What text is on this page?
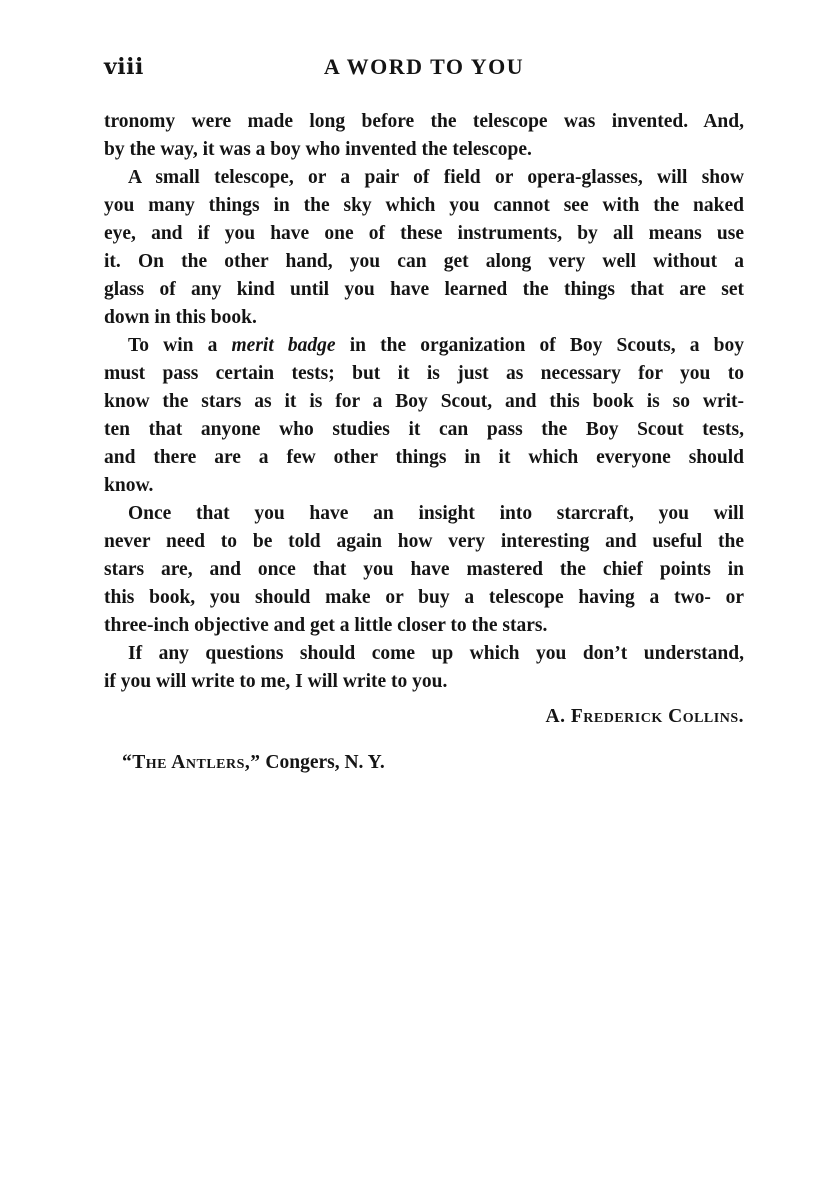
viii	A WORD TO YOU
tronomy were made long before the telescope was invented. And,
by the way, it was a boy who invented the telescope.
A small telescope, or a pair of field or opera-glasses, will show
you many things in the sky which you cannot see with the naked
eye, and if you have one of these instruments, by all means use
it. On the other hand, you can get along very well without a
glass of any kind until you have learned the things that are set
down in this book.
To win a merit badge in the organization of Boy Scouts, a boy
must pass certain tests; but it is just as necessary for you to
know the stars as it is for a Boy Scout, and this book is so writ-
ten that anyone who studies it can pass the Boy Scout tests,
and there are a few other things in it which everyone should
know.
Once that you have an insight into starcraft, you will
never need to be told again how very interesting and useful the
stars are, and once that you have mastered the chief points in
this book, you should make or buy a telescope having a two- or
three-inch objective and get a little closer to the stars.
If any questions should come up which you don’t understand,
if you will write to me, I will write to you.
A. Frederick Collins.
“The Antlers,” Congers, N. Y.
